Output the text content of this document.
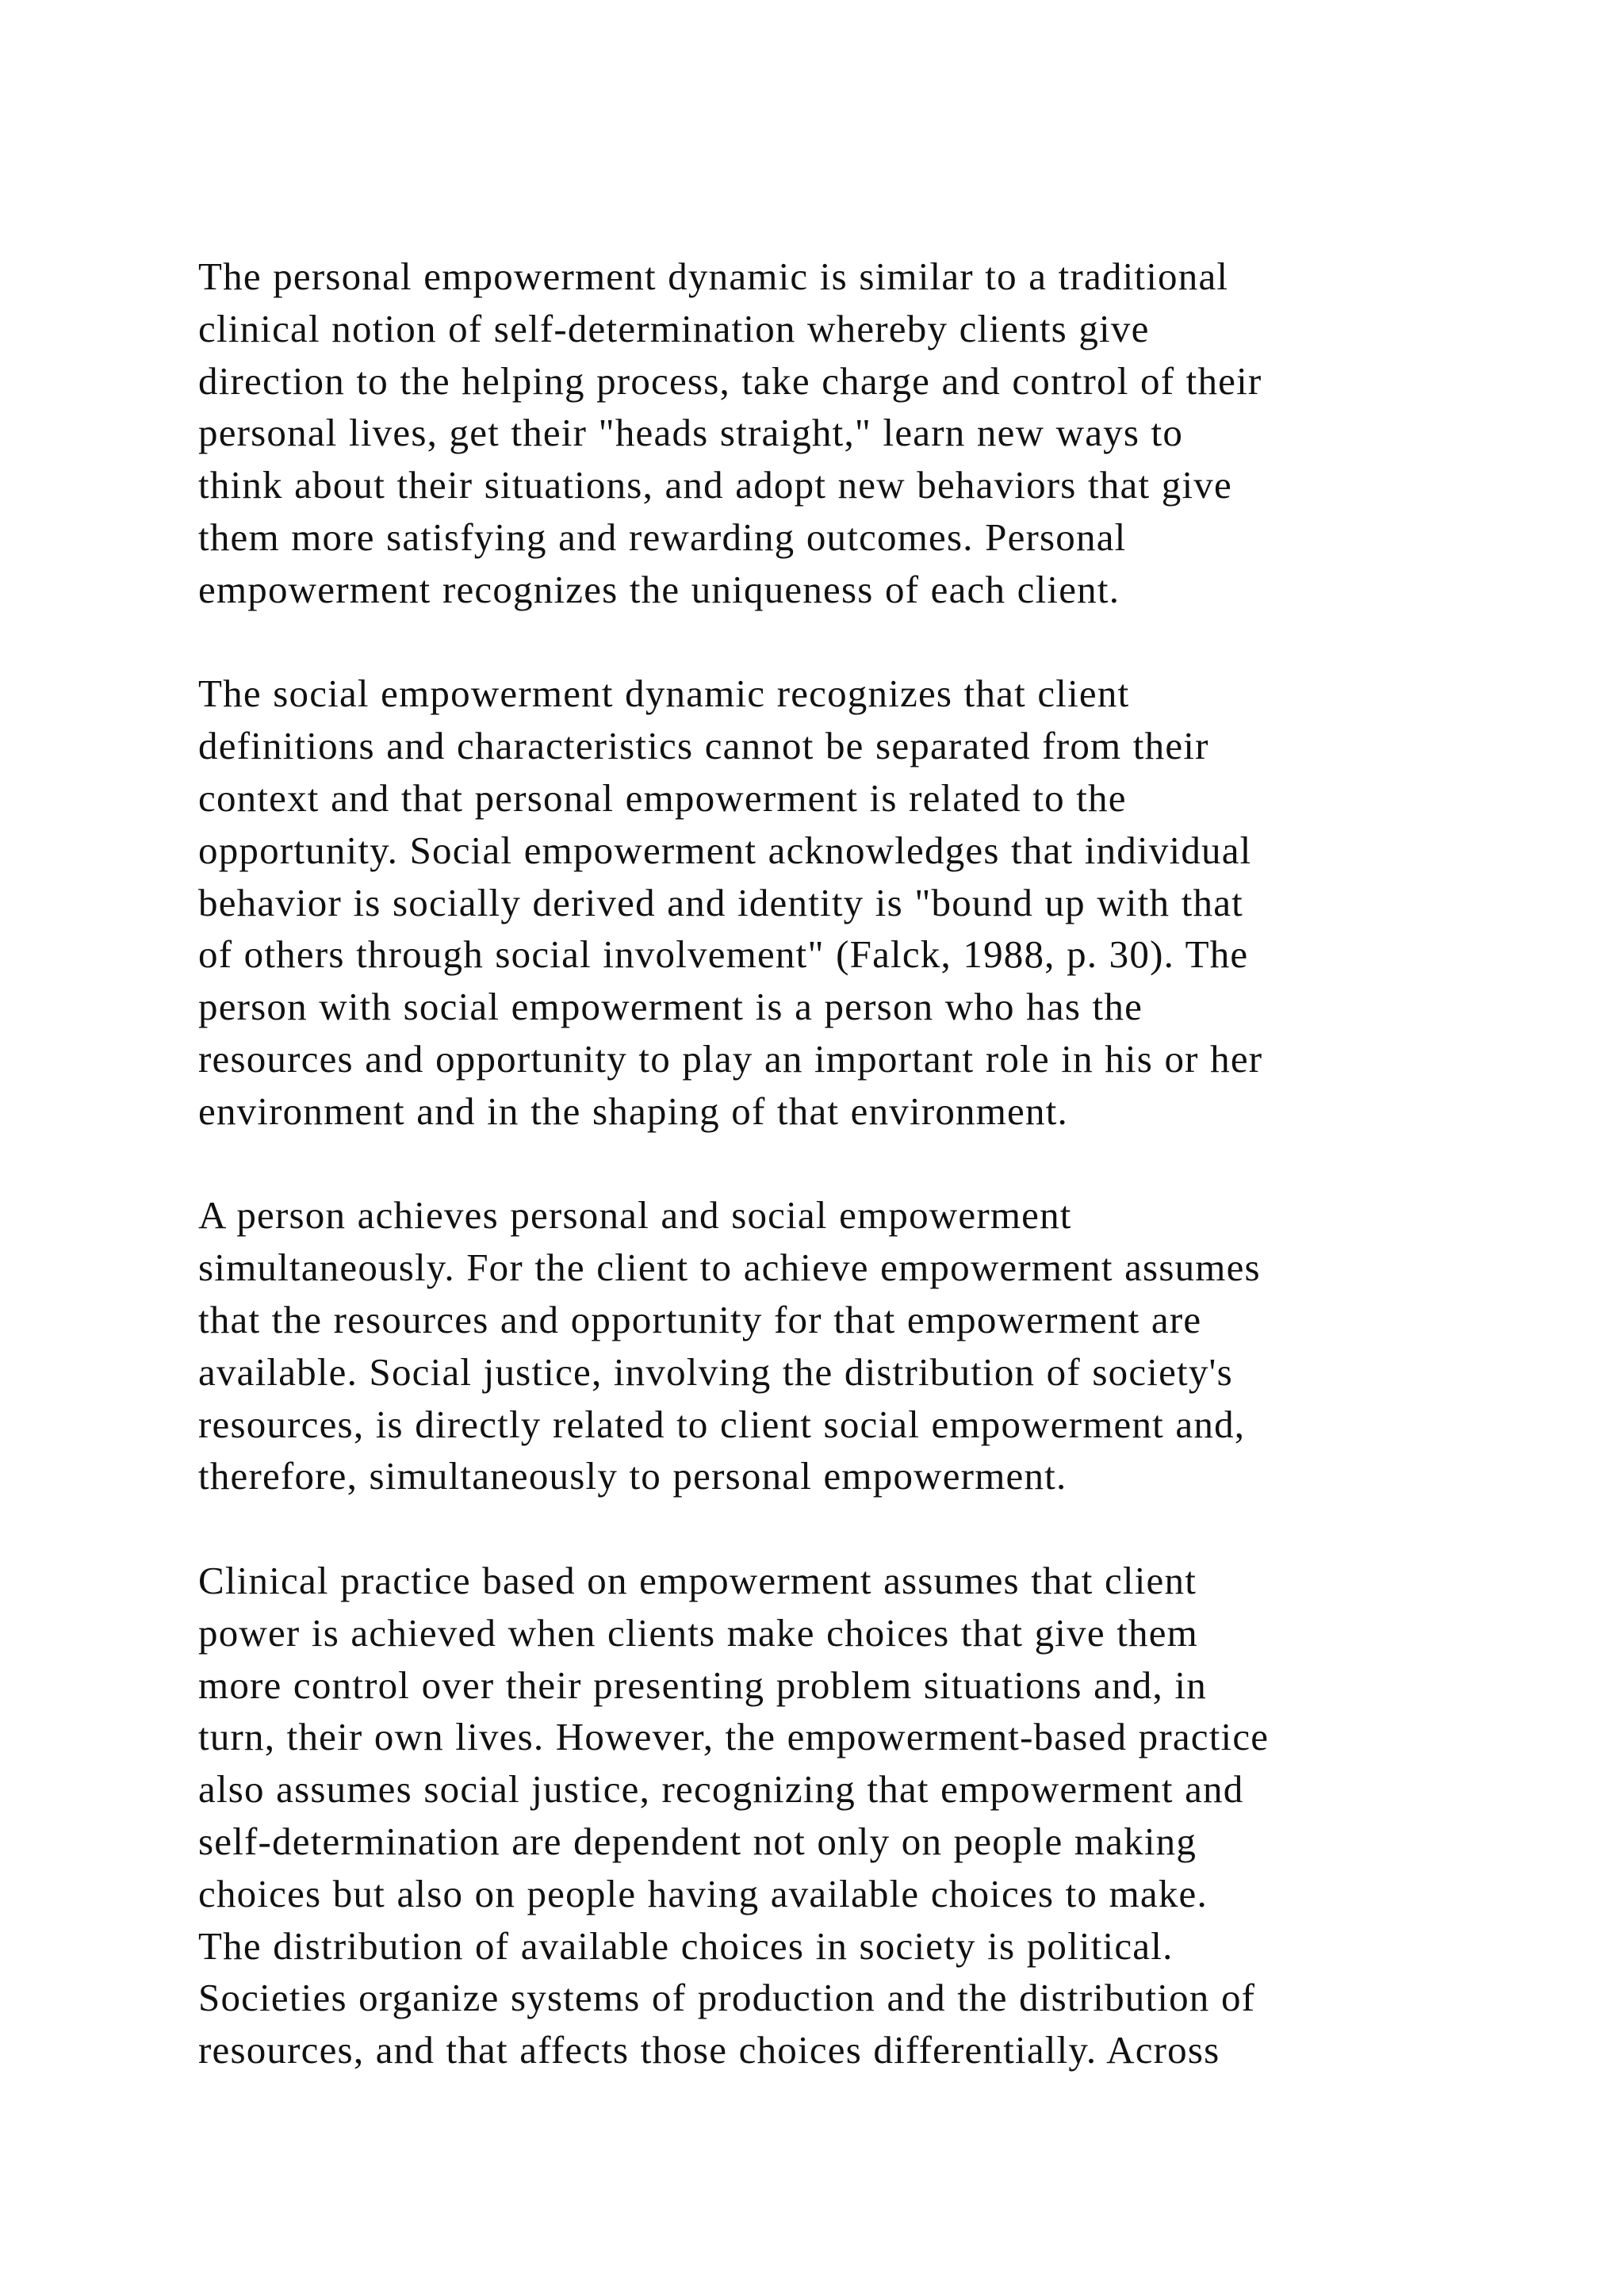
The personal empowerment dynamic is similar to a traditional
clinical notion of self-determination whereby clients give
direction to the helping process, take charge and control of their
personal lives, get their "heads straight," learn new ways to
think about their situations, and adopt new behaviors that give
them more satisfying and rewarding outcomes. Personal
empowerment recognizes the uniqueness of each client.

The social empowerment dynamic recognizes that client
definitions and characteristics cannot be separated from their
context and that personal empowerment is related to the
opportunity. Social empowerment acknowledges that individual
behavior is socially derived and identity is "bound up with that
of others through social involvement" (Falck, 1988, p. 30). The
person with social empowerment is a person who has the
resources and opportunity to play an important role in his or her
environment and in the shaping of that environment.

A person achieves personal and social empowerment
simultaneously. For the client to achieve empowerment assumes
that the resources and opportunity for that empowerment are
available. Social justice, involving the distribution of society's
resources, is directly related to client social empowerment and,
therefore, simultaneously to personal empowerment.

Clinical practice based on empowerment assumes that client
power is achieved when clients make choices that give them
more control over their presenting problem situations and, in
turn, their own lives. However, the empowerment-based practice
also assumes social justice, recognizing that empowerment and
self-determination are dependent not only on people making
choices but also on people having available choices to make.
The distribution of available choices in society is political.
Societies organize systems of production and the distribution of
resources, and that affects those choices differentially. Across
